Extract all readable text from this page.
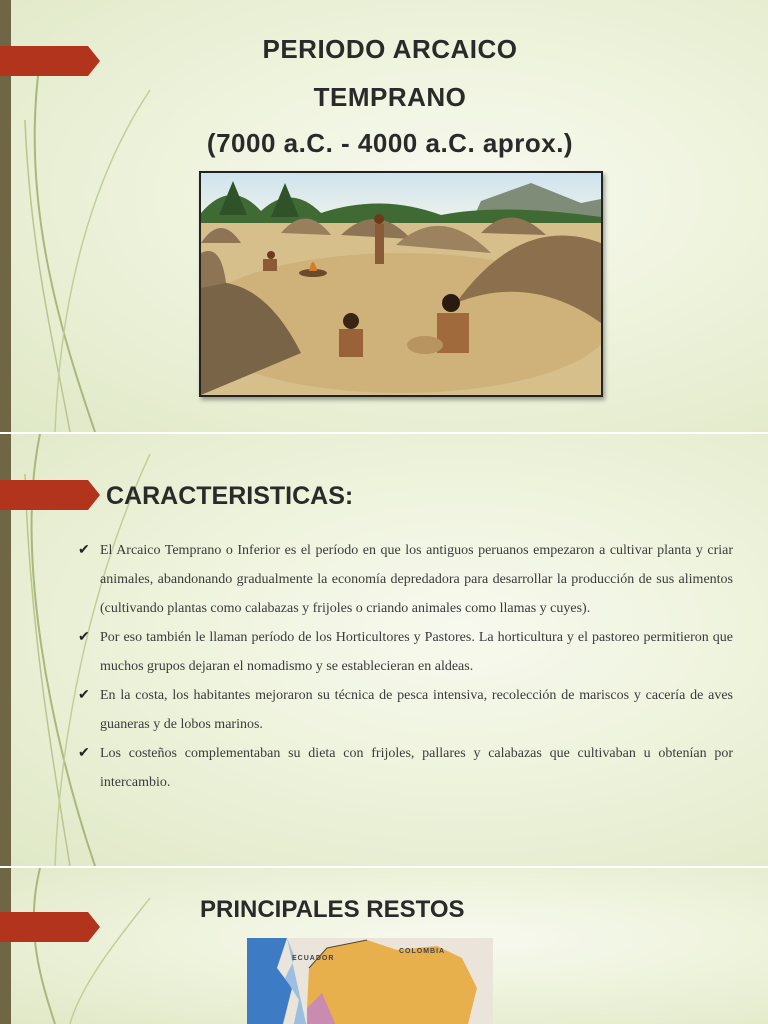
PERIODO ARCAICO
TEMPRANO
(7000 a.C. - 4000 a.C. aprox.)
CARACTERISTICAS:
✔ El Arcaico Temprano o Inferior es el período en que los antiguos peruanos empezaron a cultivar planta y criar animales, abandonando gradualmente la economía depredadora para desarrollar la producción de sus alimentos (cultivando plantas como calabazas y frijoles o criando animales como llamas y cuyes).
✔ Por eso también le llaman período de los Horticultores y Pastores. La horticultura y el pastoreo permitieron que muchos grupos dejaran el nomadismo y se establecieran en aldeas.
✔ En la costa, los habitantes mejoraron su técnica de pesca intensiva, recolección de mariscos y cacería de aves guaneras y de lobos marinos.
✔ Los costeños complementaban su dieta con frijoles, pallares y calabazas que cultivaban u obtenían por intercambio.
PRINCIPALES RESTOS
ECUADOR
COLOMBIA
